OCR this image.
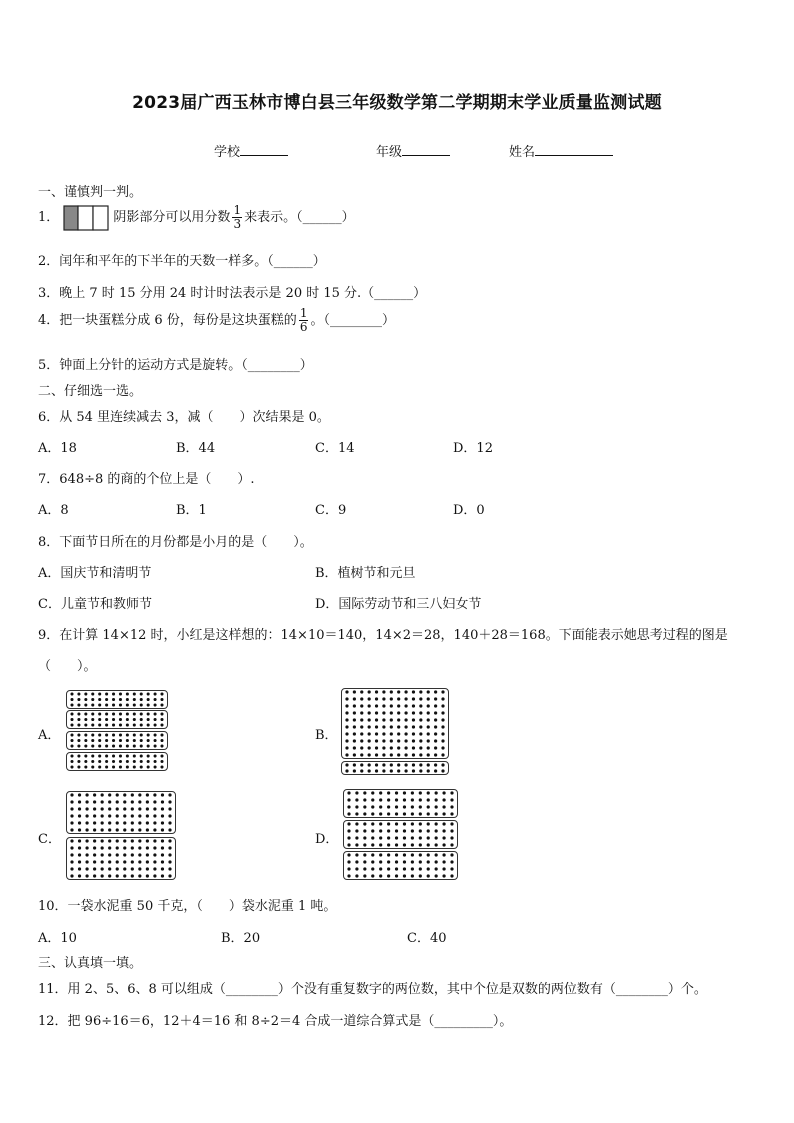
2023届广西玉林市博白县三年级数学第二学期期末学业质量监测试题
学校	年级	姓名
一、谨慎判一判。
1．	阴影部分可以用分数 $\frac{1}{3}$ 来表示。（______）
2．闰年和平年的下半年的天数一样多。（______）
3．晚上 7 时 15 分用 24 时计时法表示是 20 时 15 分.（______）
4．把一块蛋糕分成 6 份，每份是这块蛋糕的 $\frac{1}{6}$ 。（________）
5．钟面上分针的运动方式是旋转。（________）
二、仔细选一选。
6．从 54 里连续减去 3，减（　　）次结果是 0。
A．18	B．44	C．14	D．12
7．648÷8 的商的个位上是（　　）.
A．8	B．1	C．9	D．0
8．下面节日所在的月份都是小月的是（　　）。
A．国庆节和清明节	B．植树节和元旦
C．儿童节和教师节	D．国际劳动节和三八妇女节
9．在计算 14×12 时，小红是这样想的：14×10＝140，14×2＝28，140＋28＝168。下面能表示她思考过程的图是
（　　）。
A．	B．
C．	D．
10．一袋水泥重 50 千克，（　　）袋水泥重 1 吨。
A．10	B．20	C．40
三、认真填一填。
11．用 2、5、6、8 可以组成（________）个没有重复数字的两位数，其中个位是双数的两位数有（________）个。
12．把 96÷16＝6，12＋4＝16 和 8÷2＝4 合成一道综合算式是（_________）。
